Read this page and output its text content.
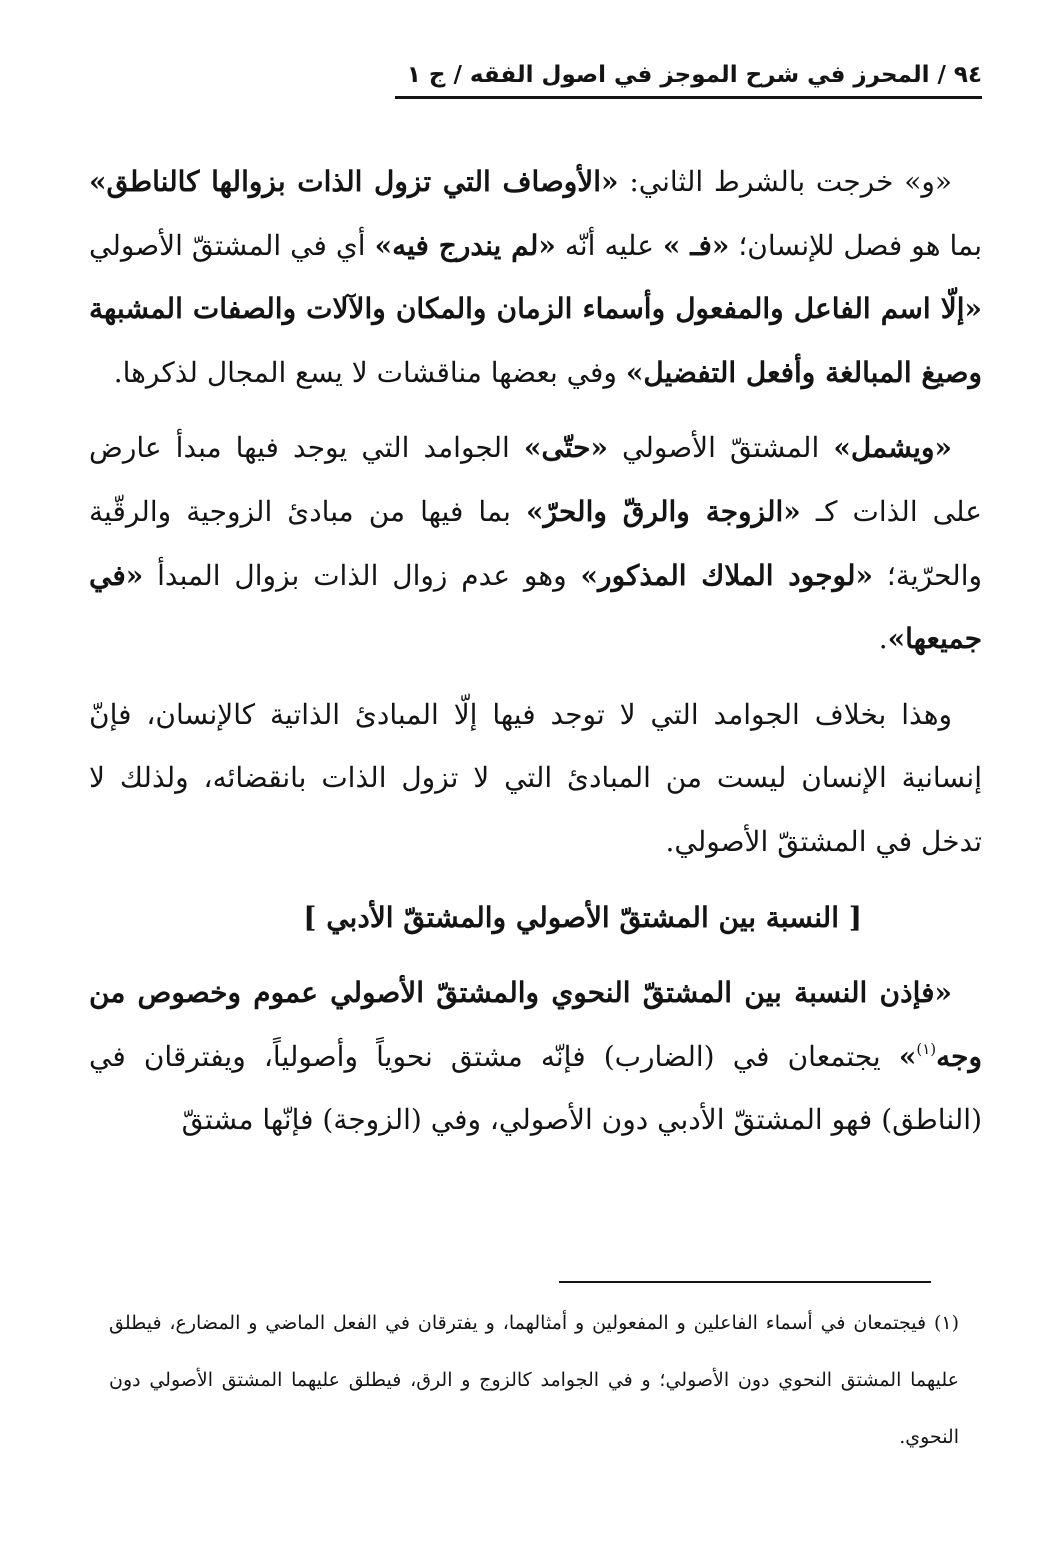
٩٤ / المحرز في شرح الموجز في اصول الفقه / ج ١

«و» خرجت بالشرط الثاني: «الأوصاف التي تزول الذات بزوالها كالناطق» بما هو فصل للإنسان؛ «فـ » عليه أنّه «لم يندرج فيه» أي في المشتقّ الأصولي «إلّا اسم الفاعل والمفعول وأسماء الزمان والمكان والآلات والصفات المشبهة وصيغ المبالغة وأفعل التفضيل» وفي بعضها مناقشات لا يسع المجال لذكرها.

«ويشمل» المشتقّ الأصولي «حتّى» الجوامد التي يوجد فيها مبدأ عارض على الذات كـ «الزوجة والرقّ والحرّ» بما فيها من مبادئ الزوجية والرقّية والحرّية؛ «لوجود الملاك المذكور» وهو عدم زوال الذات بزوال المبدأ «في جميعها».

وهذا بخلاف الجوامد التي لا توجد فيها إلّا المبادئ الذاتية كالإنسان، فإنّ إنسانية الإنسان ليست من المبادئ التي لا تزول الذات بانقضائه، ولذلك لا تدخل في المشتقّ الأصولي.

[ النسبة بين المشتقّ الأصولي والمشتقّ الأدبي ]

«فإذن النسبة بين المشتقّ النحوي والمشتقّ الأصولي عموم وخصوص من وجه$^{(١)}$» يجتمعان في (الضارب) فإنّه مشتق نحوياً وأصولياً، ويفترقان في (الناطق) فهو المشتقّ الأدبي دون الأصولي، وفي (الزوجة) فإنّها مشتقّ

(١) فيجتمعان في أسماء الفاعلين و المفعولين و أمثالهما، و يفترقان في الفعل الماضي و المضارع، فيطلق عليهما المشتق النحوي دون الأصولي؛ و في الجوامد كالزوج و الرق، فيطلق عليهما المشتق الأصولي دون النحوي.
